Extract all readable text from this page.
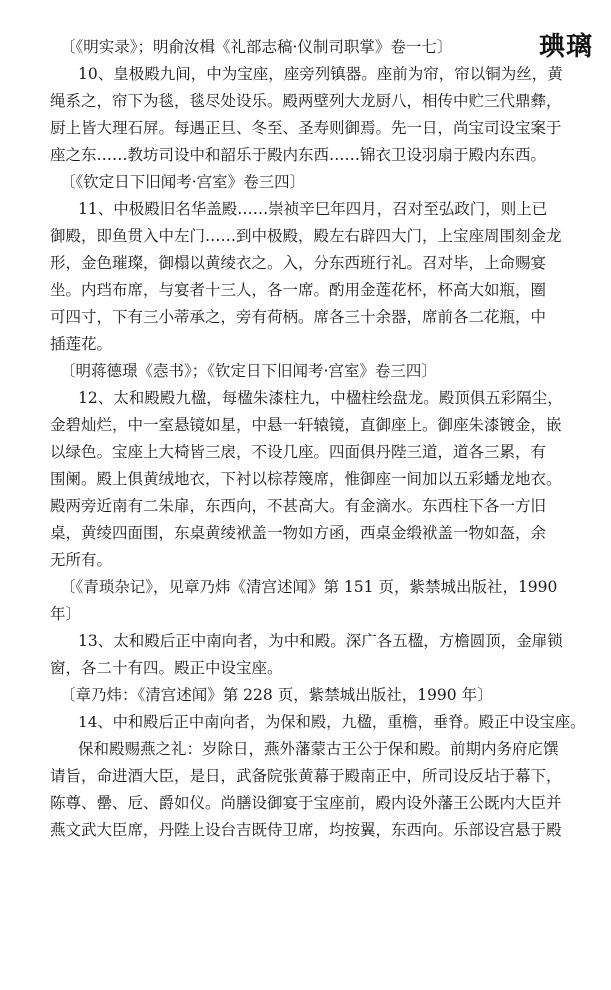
琠璃

〔《明实录》；明俞汝楫《礼部志稿·仪制司职掌》卷一七〕

10、皇极殿九间，中为宝座，座旁列镇器。座前为帘，帘以铜为丝，黄

绳系之，帘下为毯，毯尽处设乐。殿两壁列大龙厨八，相传中贮三代鼎彝，

厨上皆大理石屏。每遇正旦、冬至、圣寿则御焉。先一日，尚宝司设宝案于

座之东……教坊司设中和韶乐于殿内东西……锦衣卫设羽扇于殿内东西。

〔《钦定日下旧闻考·宫室》卷三四〕

11、中极殿旧名华盖殿……崇祯辛巳年四月，召对至弘政门，则上已

御殿，即鱼贯入中左门……到中极殿，殿左右辟四大门，上宝座周围刻金龙

形，金色璀璨，御榻以黄绫衣之。入，分东西班行礼。召对毕，上命赐宴

坐。内珰布席，与宴者十三人，各一席。酌用金莲花杯，杯高大如瓶，圈

可四寸，下有三小蒂承之，旁有荷柄。席各三十余器，席前各二花瓶，中

插莲花。

〔明蒋德璟《悫书》；《钦定日下旧闻考·宫室》卷三四〕

12、太和殿殿九楹，每楹朱漆柱九，中楹柱绘盘龙。殿顶俱五彩隔尘，

金碧灿烂，中一室悬镜如星，中悬一轩辕镜，直御座上。御座朱漆镀金，嵌

以绿色。宝座上大椅皆三扆，不设几座。四面俱丹陛三道，道各三累，有

围阑。殿上俱黄绒地衣，下衬以棕荐篾席，惟御座一间加以五彩蟠龙地衣。

殿两旁近南有二朱扉，东西向，不甚高大。有金滴水。东西柱下各一方旧

桌，黄绫四面围，东桌黄绫袱盖一物如方函，西桌金缎袱盖一物如盔，余

无所有。

〔《青琐杂记》，见章乃炜《清宫述闻》第 151 页，紫禁城出版社，1990

年〕

13、太和殿后正中南向者，为中和殿。深广各五楹，方檐圆顶，金扉锁

窗，各二十有四。殿正中设宝座。

〔章乃炜：《清宫述闻》第 228 页，紫禁城出版社，1990 年〕

14、中和殿后正中南向者，为保和殿，九楹，重檐，垂脊。殿正中设宝座。

保和殿赐燕之礼：岁除日，燕外藩蒙古王公于保和殿。前期内务府庀馔

请旨，命进酒大臣，是日，武备院张黄幕于殿南正中，所司设反坫于幕下，

陈尊、罍、卮、爵如仪。尚膳设御宴于宝座前，殿内设外藩王公既内大臣并

燕文武大臣席，丹陛上设台吉既侍卫席，均按翼，东西向。乐部设宫悬于殿
